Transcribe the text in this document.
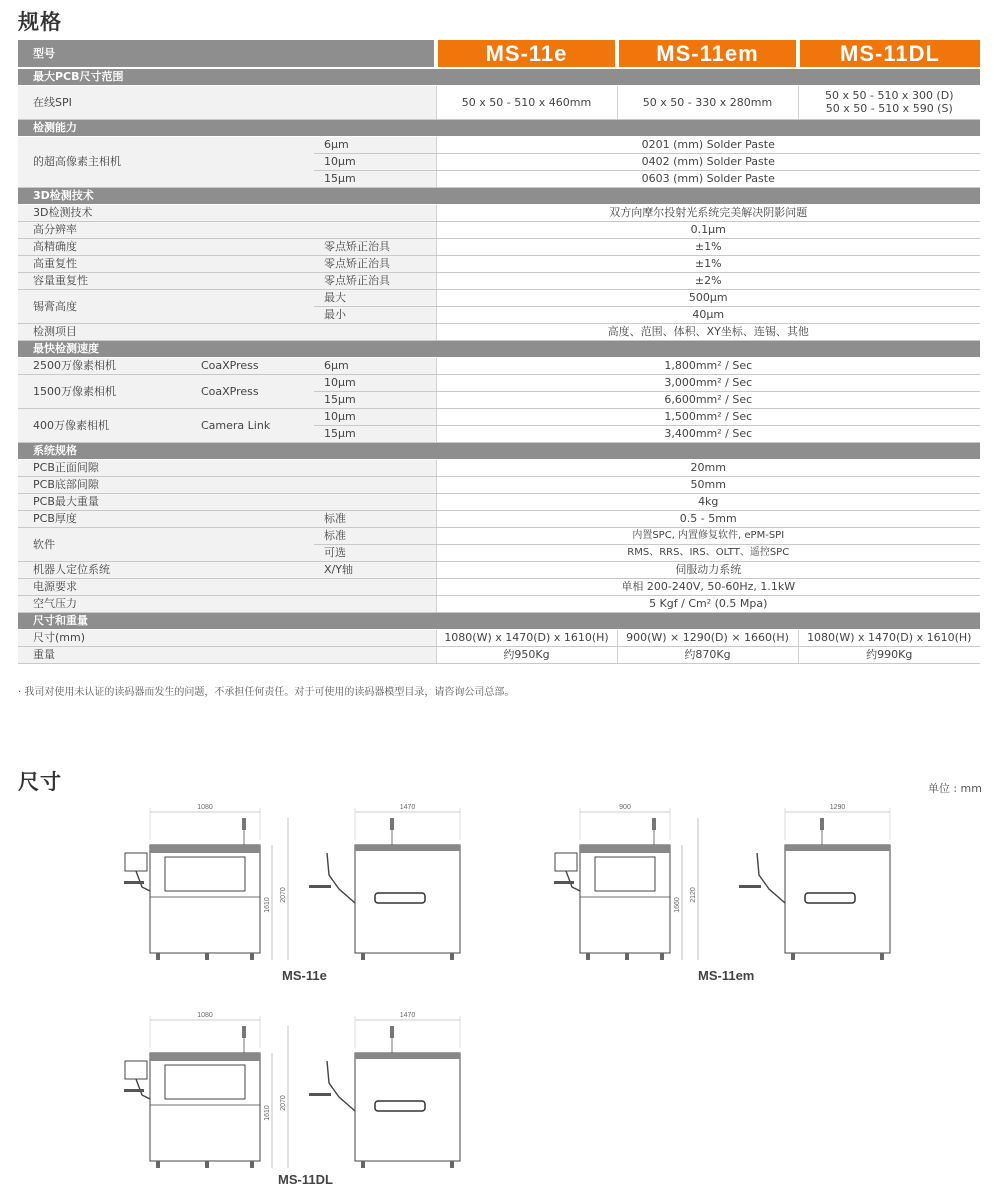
规格
型号			MS-11e	MS-11em	MS-11DL
最大PCB尺寸范围					
在线SPI			50 x 50 - 510 x 460mm	50 x 50 - 330 x 280mm	50 x 50 - 510 x 300 (D)
50 x 50 - 510 x 590 (S)
检测能力					
的超高像素主相机		6µm	0201 (mm) Solder Paste		
		10µm	0402 (mm) Solder Paste		
		15µm	0603 (mm) Solder Paste		
3D检测技术					
3D检测技术			双方向摩尔投射光系统完美解决阴影问题		
高分辨率			0.1µm		
高精确度		零点矫正治具	±1%		
高重复性		零点矫正治具	±1%		
容量重复性		零点矫正治具	±2%		
锡膏高度		最大	500µm		
		最小	40µm		
检测项目			高度、范围、体积、XY坐标、连锡、其他		
最快检测速度					
2500万像素相机	CoaXPress	6µm	1,800mm² / Sec		
1500万像素相机	CoaXPress	10µm	3,000mm² / Sec		
		15µm	6,600mm² / Sec		
400万像素相机	Camera Link	10µm	1,500mm² / Sec		
		15µm	3,400mm² / Sec		
系统规格					
PCB正面间隙			20mm		
PCB底部间隙			50mm		
PCB最大重量			4kg		
PCB厚度		标准	0.5 - 5mm		
软件		标准	内置SPC, 内置修复软件, ePM-SPI		
		可选	RMS、RRS、IRS、OLTT、遥控SPC		
机器人定位系统		X/Y轴	伺服动力系统		
电源要求			单相 200-240V, 50-60Hz, 1.1kW		
空气压力			5 Kgf / Cm² (0.5 Mpa)		
尺寸和重量					
尺寸(mm)			1080(W) x 1470(D) x 1610(H)	900(W) × 1290(D) × 1660(H)	1080(W) x 1470(D) x 1610(H)
重量			约950Kg	约870Kg	约990Kg
· 我司对使用未认证的读码器而发生的问题，不承担任何责任。对于可使用的读码器模型目录，请咨询公司总部。
尺寸	单位 : mm
1080
1610
2070
1470
MS-11e
900
1660
2120
1290
MS-11em
1080
1610
2070
1470
MS-11DL
